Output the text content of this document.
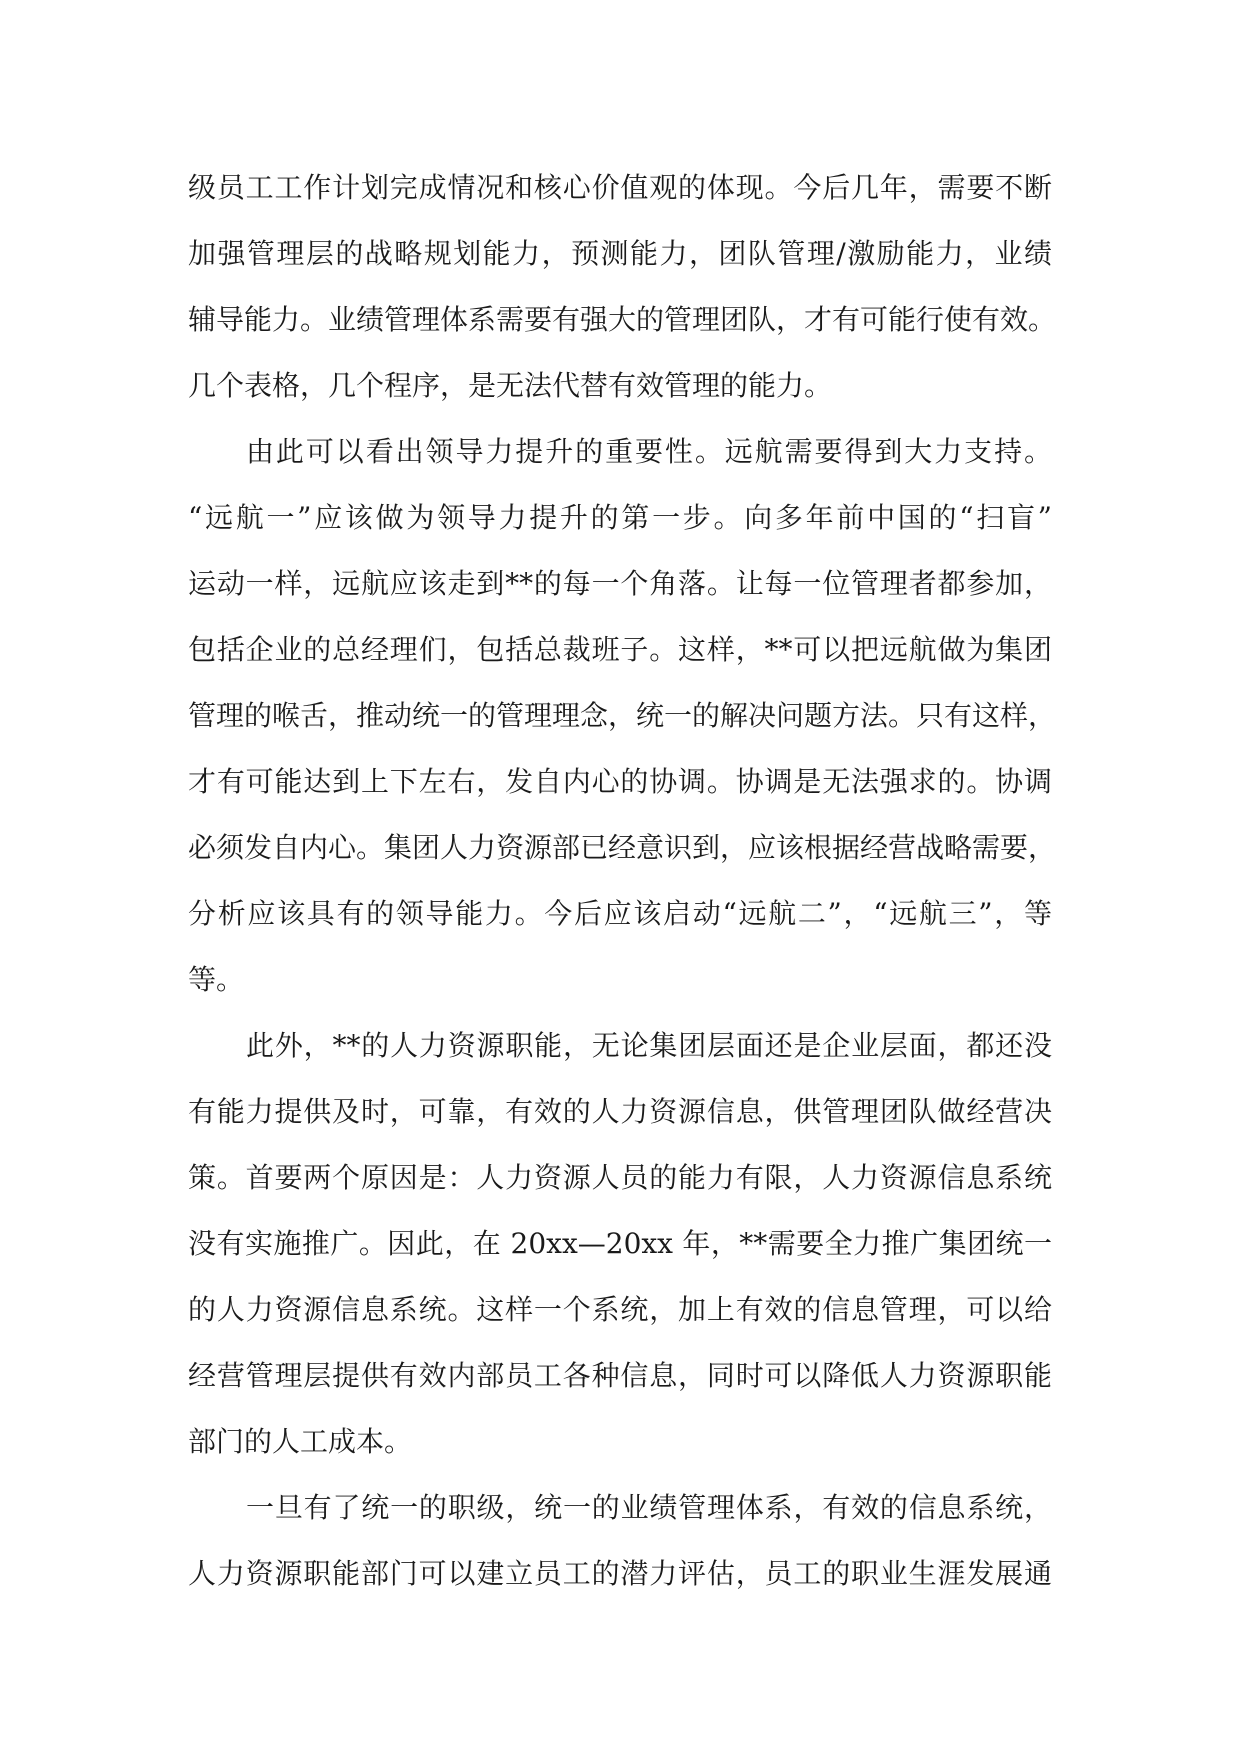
级员工工作计划完成情况和核心价值观的体现。今后几年，需要不断
加强管理层的战略规划能力，预测能力，团队管理/激励能力，业绩
辅导能力。业绩管理体系需要有强大的管理团队，才有可能行使有效。
几个表格，几个程序，是无法代替有效管理的能力。
由此可以看出领导力提升的重要性。远航需要得到大力支持。
“远航一”应该做为领导力提升的第一步。向多年前中国的“扫盲”
运动一样，远航应该走到**的每一个角落。让每一位管理者都参加，
包括企业的总经理们，包括总裁班子。这样，**可以把远航做为集团
管理的喉舌，推动统一的管理理念，统一的解决问题方法。只有这样，
才有可能达到上下左右，发自内心的协调。协调是无法强求的。协调
必须发自内心。集团人力资源部已经意识到，应该根据经营战略需要，
分析应该具有的领导能力。今后应该启动“远航二”，“远航三”，等
等。
此外，**的人力资源职能，无论集团层面还是企业层面，都还没
有能力提供及时，可靠，有效的人力资源信息，供管理团队做经营决
策。首要两个原因是：人力资源人员的能力有限，人力资源信息系统
没有实施推广。因此，在 20xx—20xx 年，**需要全力推广集团统一
的人力资源信息系统。这样一个系统，加上有效的信息管理，可以给
经营管理层提供有效内部员工各种信息，同时可以降低人力资源职能
部门的人工成本。
一旦有了统一的职级，统一的业绩管理体系，有效的信息系统，
人力资源职能部门可以建立员工的潜力评估，员工的职业生涯发展通
